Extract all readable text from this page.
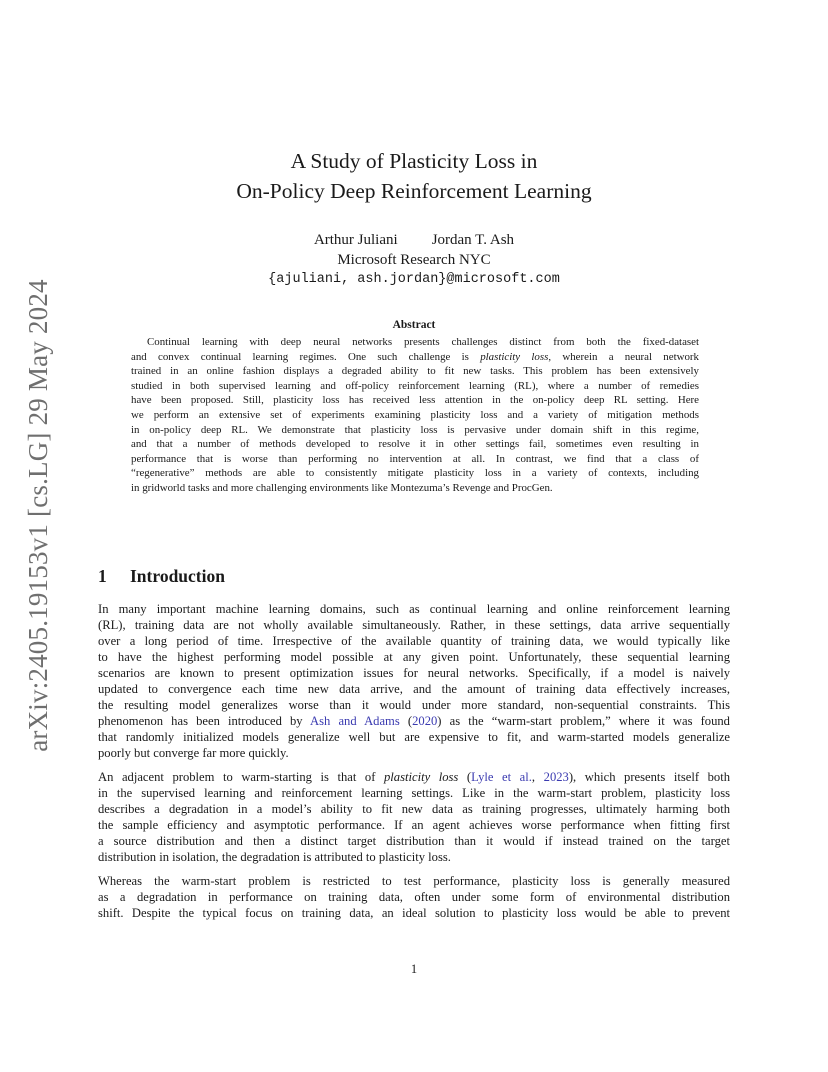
arXiv:2405.19153v1 [cs.LG] 29 May 2024
A Study of Plasticity Loss in
On-Policy Deep Reinforcement Learning
Arthur Juliani Jordan T. Ash
Microsoft Research NYC
{ajuliani, ash.jordan}@microsoft.com
Abstract
Continual learning with deep neural networks presents challenges distinct from both the fixed-dataset
and convex continual learning regimes. One such challenge is plasticity loss, wherein a neural network
trained in an online fashion displays a degraded ability to fit new tasks. This problem has been extensively
studied in both supervised learning and off-policy reinforcement learning (RL), where a number of remedies
have been proposed. Still, plasticity loss has received less attention in the on-policy deep RL setting. Here
we perform an extensive set of experiments examining plasticity loss and a variety of mitigation methods
in on-policy deep RL. We demonstrate that plasticity loss is pervasive under domain shift in this regime,
and that a number of methods developed to resolve it in other settings fail, sometimes even resulting in
performance that is worse than performing no intervention at all. In contrast, we find that a class of
“regenerative” methods are able to consistently mitigate plasticity loss in a variety of contexts, including
in gridworld tasks and more challenging environments like Montezuma’s Revenge and ProcGen.
1 Introduction
In many important machine learning domains, such as continual learning and online reinforcement learning
(RL), training data are not wholly available simultaneously. Rather, in these settings, data arrive sequentially
over a long period of time. Irrespective of the available quantity of training data, we would typically like
to have the highest performing model possible at any given point. Unfortunately, these sequential learning
scenarios are known to present optimization issues for neural networks. Specifically, if a model is naively
updated to convergence each time new data arrive, and the amount of training data effectively increases,
the resulting model generalizes worse than it would under more standard, non-sequential constraints. This
phenomenon has been introduced by Ash and Adams (2020) as the “warm-start problem,” where it was found
that randomly initialized models generalize well but are expensive to fit, and warm-started models generalize
poorly but converge far more quickly.
An adjacent problem to warm-starting is that of plasticity loss (Lyle et al., 2023), which presents itself both
in the supervised learning and reinforcement learning settings. Like in the warm-start problem, plasticity loss
describes a degradation in a model’s ability to fit new data as training progresses, ultimately harming both
the sample efficiency and asymptotic performance. If an agent achieves worse performance when fitting first
a source distribution and then a distinct target distribution than it would if instead trained on the target
distribution in isolation, the degradation is attributed to plasticity loss.
Whereas the warm-start problem is restricted to test performance, plasticity loss is generally measured
as a degradation in performance on training data, often under some form of environmental distribution
shift. Despite the typical focus on training data, an ideal solution to plasticity loss would be able to prevent
1
